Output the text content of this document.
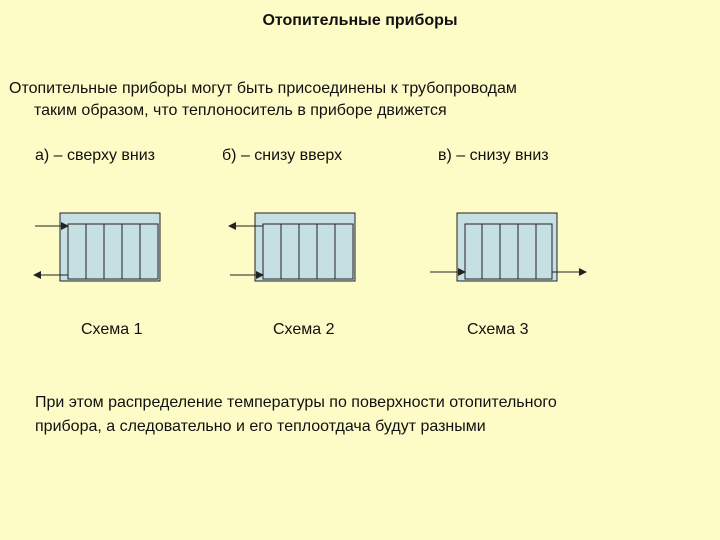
Отопительные приборы
Отопительные приборы могут быть присоединены к трубопроводам
таким образом, что теплоноситель в приборе движется
а) – сверху вниз	б) – снизу вверх	в) – снизу вниз
Схема 1	Схема 2	Схема 3
При этом распределение температуры по поверхности отопительного
прибора, а следовательно и его теплоотдача будут разными
